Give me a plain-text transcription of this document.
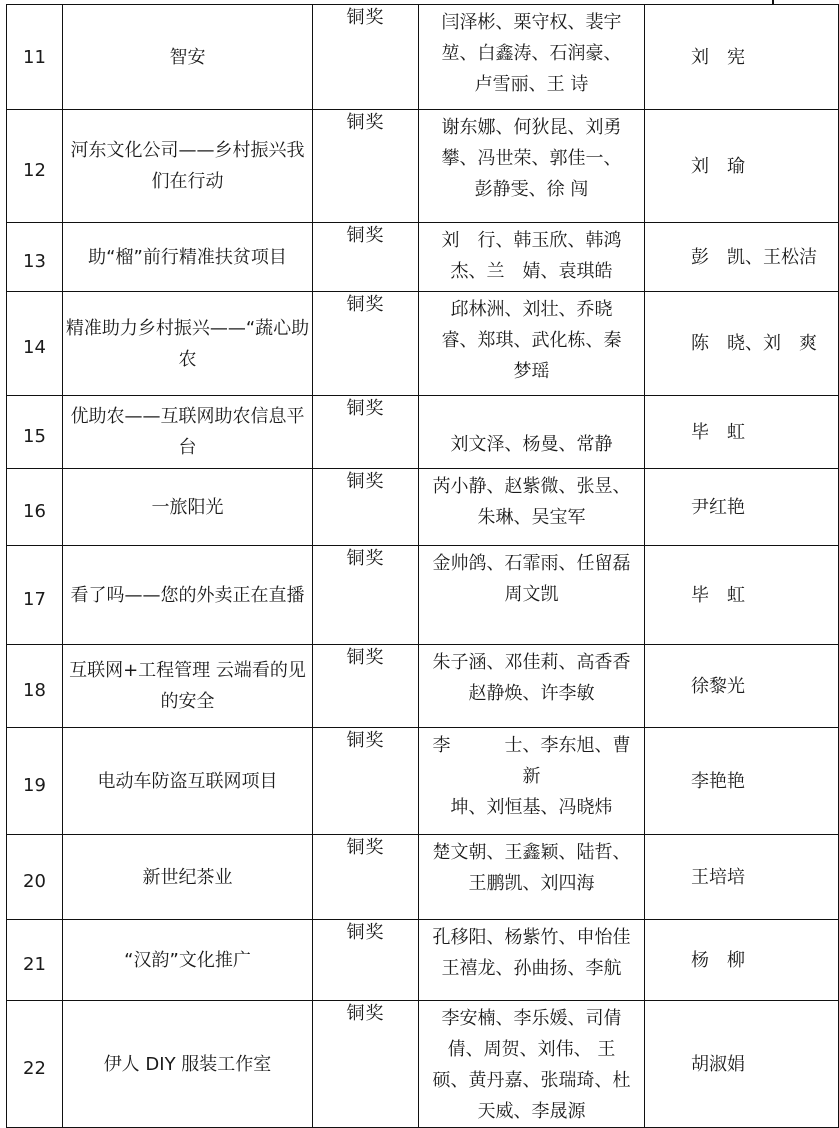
11	智安	铜奖	闫泽彬、栗守权、裴宇
堃、白鑫涛、石润豪、
卢雪丽、王 诗	刘　宪
12	河东文化公司——乡村振兴我们在行动	铜奖	谢东娜、何狄昆、刘勇
攀、冯世荣、郭佳一、
彭静雯、徐 闯	刘　瑜
13	助“榴”前行精准扶贫项目	铜奖	刘　行、韩玉欣、韩鸿
杰、兰　婧、袁琪皓	彭　凯、王松洁
14	精准助力乡村振兴——“蔬心助农	铜奖	邱林洲、刘壮、乔晓
睿、郑琪、武化栋、秦
梦瑶	陈　晓、刘　爽
15	优助农——互联网助农信息平台	铜奖	刘文泽、杨曼、常静	毕　虹
16	一旅阳光	铜奖	芮小静、赵紫微、张昱、
朱琳、吴宝军	尹红艳
17	看了吗——您的外卖正在直播	铜奖	金帅鸽、石霏雨、任留磊
周文凯	毕　虹
18	互联网+工程管理 云端看的见的安全	铜奖	朱子涵、邓佳莉、高香香
赵静焕、许李敏	徐黎光
19	电动车防盗互联网项目	铜奖	李　　　士、李东旭、曹
新
坤、刘恒基、冯晓炜	李艳艳
20	新世纪茶业	铜奖	楚文朝、王鑫颖、陆哲、
王鹏凯、刘四海	王培培
21	“汉韵”文化推广	铜奖	孔移阳、杨紫竹、申怡佳
王禧龙、孙曲扬、李航	杨　柳
22	伊人 DIY 服装工作室	铜奖	李安楠、李乐媛、司倩
倩、周贺、刘伟、 王
硕、黄丹嘉、张瑞琦、杜
天威、李晟源	胡淑娟
